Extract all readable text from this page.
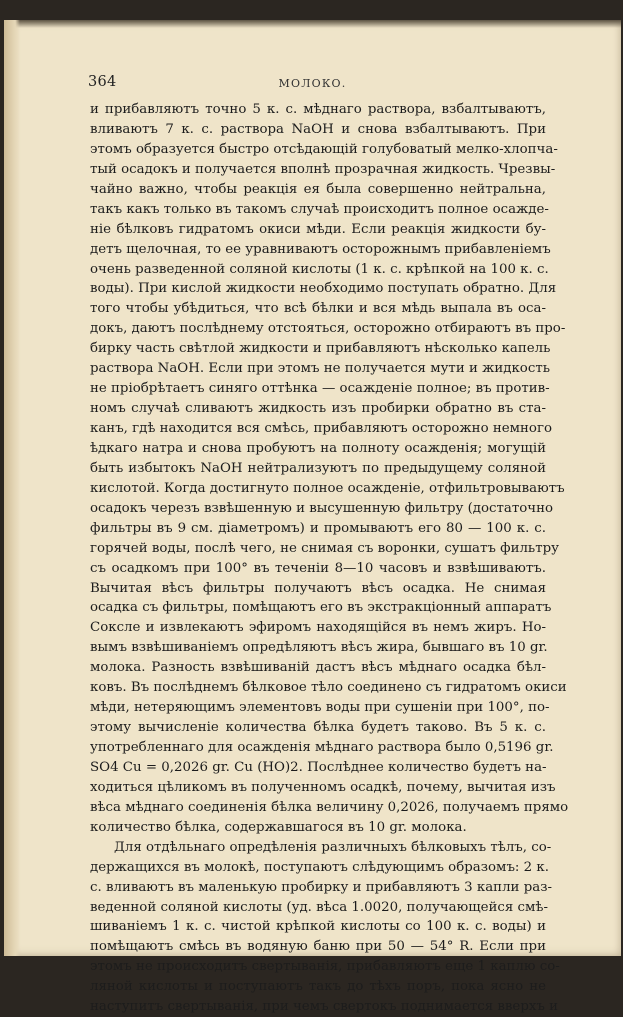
364	МОЛОКО.
и прибавляютъ точно 5 к. с. мѣднаго раствора, взбалтываютъ,
вливаютъ 7 к. с. раствора NaOH и снова взбалтываютъ. При
этомъ образуется быстро отсѣдающій голубоватый мелко-хлопча-
тый осадокъ и получается вполнѣ прозрачная жидкость. Чрезвы-
чайно важно, чтобы реакція ея была совершенно нейтральна,
такъ какъ только въ такомъ случаѣ происходитъ полное осажде-
ніе бѣлковъ гидратомъ окиси мѣди. Если реакція жидкости бу-
детъ щелочная, то ее уравниваютъ осторожнымъ прибавленіемъ
очень разведенной соляной кислоты (1 к. с. крѣпкой на 100 к. с.
воды). При кислой жидкости необходимо поступать обратно. Для
того чтобы убѣдиться, что всѣ бѣлки и вся мѣдь выпала въ оса-
докъ, даютъ послѣднему отстояться, осторожно отбираютъ въ про-
бирку часть свѣтлой жидкости и прибавляютъ нѣсколько капель
раствора NaOH. Если при этомъ не получается мути и жидкость
не пріобрѣтаетъ синяго оттѣнка — осажденіе полное; въ против-
номъ случаѣ сливаютъ жидкость изъ пробирки обратно въ ста-
канъ, гдѣ находится вся смѣсь, прибавляютъ осторожно немного
ѣдкаго натра и снова пробуютъ на полноту осажденія; могущій
быть избытокъ NaOH нейтрализуютъ по предыдущему соляной
кислотой. Когда достигнуто полное осажденіе, отфильтровываютъ
осадокъ черезъ взвѣшенную и высушенную фильтру (достаточно
фильтры въ 9 см. діаметромъ) и промываютъ его 80 — 100 к. с.
горячей воды, послѣ чего, не снимая съ воронки, сушатъ фильтру
съ осадкомъ при 100° въ теченіи 8—10 часовъ и взвѣшиваютъ.
Вычитая вѣсъ фильтры получаютъ вѣсъ осадка. Не снимая
осадка съ фильтры, помѣщаютъ его въ экстракціонный аппаратъ
Сокслe и извлекаютъ эфиромъ находящійся въ немъ жиръ. Но-
вымъ взвѣшиваніемъ опредѣляютъ вѣсъ жира, бывшаго въ 10 gr.
молока. Разность взвѣшиваній дастъ вѣсъ мѣднаго осадка бѣл-
ковъ. Въ послѣднемъ бѣлковое тѣло соединено съ гидратомъ окиси
мѣди, нетеряющимъ элементовъ воды при сушеніи при 100°, по-
этому вычисленіе количества бѣлка будетъ таково. Въ 5 к. с.
употребленнаго для осажденія мѣднаго раствора было 0,5196 gr.
SO4 Cu = 0,2026 gr. Cu (HO)2. Послѣднее количество будетъ на-
ходиться цѣликомъ въ полученномъ осадкѣ, почему, вычитая изъ
вѣса мѣднаго соединенія бѣлка величину 0,2026, получаемъ прямо
количество бѣлка, содержавшагося въ 10 gr. молока.
Для отдѣльнаго опредѣленія различныхъ бѣлковыхъ тѣлъ, со-
держащихся въ молокѣ, поступаютъ слѣдующимъ образомъ: 2 к.
с. вливаютъ въ маленькую пробирку и прибавляютъ 3 капли раз-
веденной соляной кислоты (уд. вѣса 1.0020, получающейся смѣ-
шиваніемъ 1 к. с. чистой крѣпкой кислоты со 100 к. с. воды) и
помѣщаютъ смѣсь въ водяную баню при 50 — 54° R. Если при
этомъ не происходитъ свертыванія, прибавляютъ еще 1 каплю со-
ляной кислоты и поступаютъ такъ до тѣхъ поръ, пока ясно не
наступитъ свертыванія, при чемъ свертокъ поднимается вверхъ и
